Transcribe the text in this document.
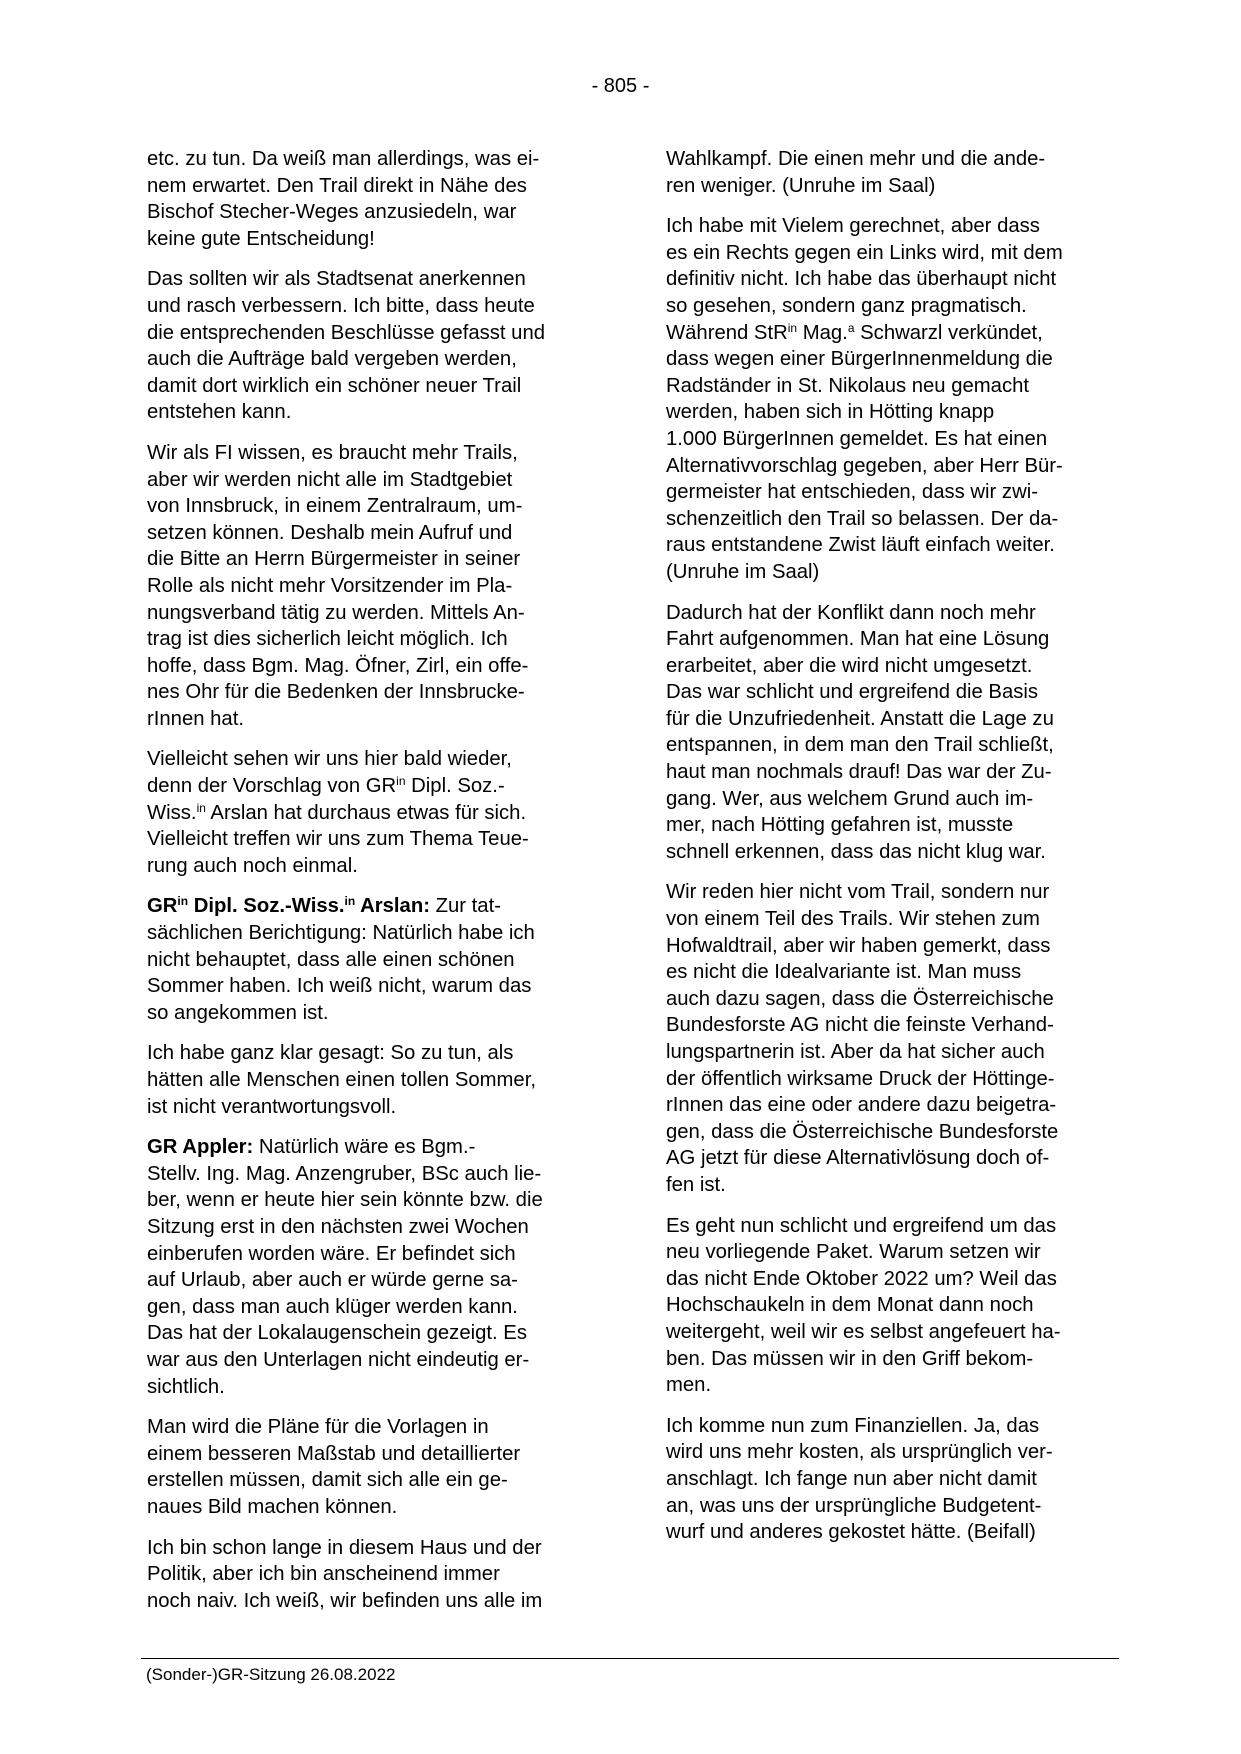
- 805 -

etc. zu tun. Da weiß man allerdings, was ei-
nem erwartet. Den Trail direkt in Nähe des
Bischof Stecher-Weges anzusiedeln, war
keine gute Entscheidung!

Das sollten wir als Stadtsenat anerkennen
und rasch verbessern. Ich bitte, dass heute
die entsprechenden Beschlüsse gefasst und
auch die Aufträge bald vergeben werden,
damit dort wirklich ein schöner neuer Trail
entstehen kann.

Wir als FI wissen, es braucht mehr Trails,
aber wir werden nicht alle im Stadtgebiet
von Innsbruck, in einem Zentralraum, um-
setzen können. Deshalb mein Aufruf und
die Bitte an Herrn Bürgermeister in seiner
Rolle als nicht mehr Vorsitzender im Pla-
nungsverband tätig zu werden. Mittels An-
trag ist dies sicherlich leicht möglich. Ich
hoffe, dass Bgm. Mag. Öfner, Zirl, ein offe-
nes Ohr für die Bedenken der Innsbrucke-
rInnen hat.

Vielleicht sehen wir uns hier bald wieder,
denn der Vorschlag von $GR^{in}$ Dipl. Soz.-
Wiss.$^{in}$ Arslan hat durchaus etwas für sich.
Vielleicht treffen wir uns zum Thema Teue-
rung auch noch einmal.

$GR^{in}$ Dipl. Soz.-Wiss.$^{in}$ Arslan: Zur tat-
sächlichen Berichtigung: Natürlich habe ich
nicht behauptet, dass alle einen schönen
Sommer haben. Ich weiß nicht, warum das
so angekommen ist.

Ich habe ganz klar gesagt: So zu tun, als
hätten alle Menschen einen tollen Sommer,
ist nicht verantwortungsvoll.

GR Appler: Natürlich wäre es Bgm.-
Stellv. Ing. Mag. Anzengruber, BSc auch lie-
ber, wenn er heute hier sein könnte bzw. die
Sitzung erst in den nächsten zwei Wochen
einberufen worden wäre. Er befindet sich
auf Urlaub, aber auch er würde gerne sa-
gen, dass man auch klüger werden kann.
Das hat der Lokalaugenschein gezeigt. Es
war aus den Unterlagen nicht eindeutig er-
sichtlich.

Man wird die Pläne für die Vorlagen in
einem besseren Maßstab und detaillierter
erstellen müssen, damit sich alle ein ge-
naues Bild machen können.

Ich bin schon lange in diesem Haus und der
Politik, aber ich bin anscheinend immer
noch naiv. Ich weiß, wir befinden uns alle im

Wahlkampf. Die einen mehr und die ande-
ren weniger. (Unruhe im Saal)

Ich habe mit Vielem gerechnet, aber dass
es ein Rechts gegen ein Links wird, mit dem
definitiv nicht. Ich habe das überhaupt nicht
so gesehen, sondern ganz pragmatisch.
Während StR$^{in}$ Mag.$^a$ Schwarzl verkündet,
dass wegen einer BürgerInnenmeldung die
Radständer in St. Nikolaus neu gemacht
werden, haben sich in Hötting knapp
1.000 BürgerInnen gemeldet. Es hat einen
Alternativvorschlag gegeben, aber Herr Bür-
germeister hat entschieden, dass wir zwi-
schenzeitlich den Trail so belassen. Der da-
raus entstandene Zwist läuft einfach weiter.
(Unruhe im Saal)

Dadurch hat der Konflikt dann noch mehr
Fahrt aufgenommen. Man hat eine Lösung
erarbeitet, aber die wird nicht umgesetzt.
Das war schlicht und ergreifend die Basis
für die Unzufriedenheit. Anstatt die Lage zu
entspannen, in dem man den Trail schließt,
haut man nochmals drauf! Das war der Zu-
gang. Wer, aus welchem Grund auch im-
mer, nach Hötting gefahren ist, musste
schnell erkennen, dass das nicht klug war.

Wir reden hier nicht vom Trail, sondern nur
von einem Teil des Trails. Wir stehen zum
Hofwaldtrail, aber wir haben gemerkt, dass
es nicht die Idealvariante ist. Man muss
auch dazu sagen, dass die Österreichische
Bundesforste AG nicht die feinste Verhand-
lungspartnerin ist. Aber da hat sicher auch
der öffentlich wirksame Druck der Höttinge-
rInnen das eine oder andere dazu beigetra-
gen, dass die Österreichische Bundesforste
AG jetzt für diese Alternativlösung doch of-
fen ist.

Es geht nun schlicht und ergreifend um das
neu vorliegende Paket. Warum setzen wir
das nicht Ende Oktober 2022 um? Weil das
Hochschaukeln in dem Monat dann noch
weitergeht, weil wir es selbst angefeuert ha-
ben. Das müssen wir in den Griff bekom-
men.

Ich komme nun zum Finanziellen. Ja, das
wird uns mehr kosten, als ursprünglich ver-
anschlagt. Ich fange nun aber nicht damit
an, was uns der ursprüngliche Budgetent-
wurf und anderes gekostet hätte. (Beifall)

(Sonder-)GR-Sitzung 26.08.2022
